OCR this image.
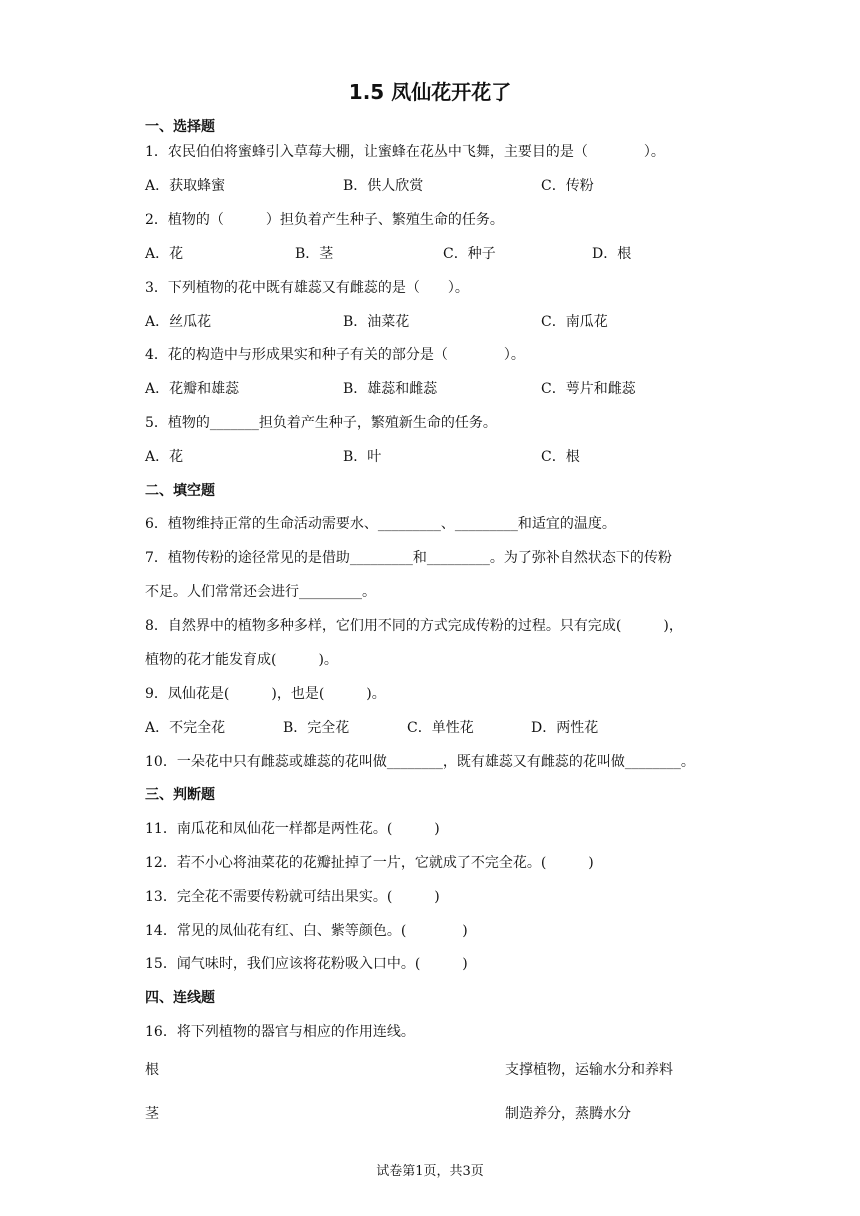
1.5 凤仙花开花了
一、选择题
1．农民伯伯将蜜蜂引入草莓大棚，让蜜蜂在花丛中飞舞，主要目的是（　　　　）。
A．获取蜂蜜	B．供人欣赏	C．传粉
2．植物的（　　　）担负着产生种子、繁殖生命的任务。
A．花	B．茎	C．种子	D．根
3．下列植物的花中既有雄蕊又有雌蕊的是（　　）。
A．丝瓜花	B．油菜花	C．南瓜花
4．花的构造中与形成果实和种子有关的部分是（　　　　）。
A．花瓣和雄蕊	B．雄蕊和雌蕊	C．萼片和雌蕊
5．植物的_______担负着产生种子，繁殖新生命的任务。
A．花	B．叶	C．根
二、填空题
6．植物维持正常的生命活动需要水、_________、_________和适宜的温度。
7．植物传粉的途径常见的是借助_________和_________。为了弥补自然状态下的传粉
不足。人们常常还会进行_________。
8．自然界中的植物多种多样，它们用不同的方式完成传粉的过程。只有完成(　　　)，
植物的花才能发育成(　　　)。
9．凤仙花是(　　　)，也是(　　　)。
A．不完全花	B．完全花	C．单性花	D．两性花
10．一朵花中只有雌蕊或雄蕊的花叫做________，既有雄蕊又有雌蕊的花叫做________。
三、判断题
11．南瓜花和凤仙花一样都是两性花。(　　　)
12．若不小心将油菜花的花瓣扯掉了一片，它就成了不完全花。(　　　)
13．完全花不需要传粉就可结出果实。(　　　)
14．常见的凤仙花有红、白、紫等颜色。(　　　　)
15．闻气味时，我们应该将花粉吸入口中。(　　　)
四、连线题
16．将下列植物的器官与相应的作用连线。
根	支撑植物，运输水分和养料
茎	制造养分，蒸腾水分
试卷第1页，共3页
